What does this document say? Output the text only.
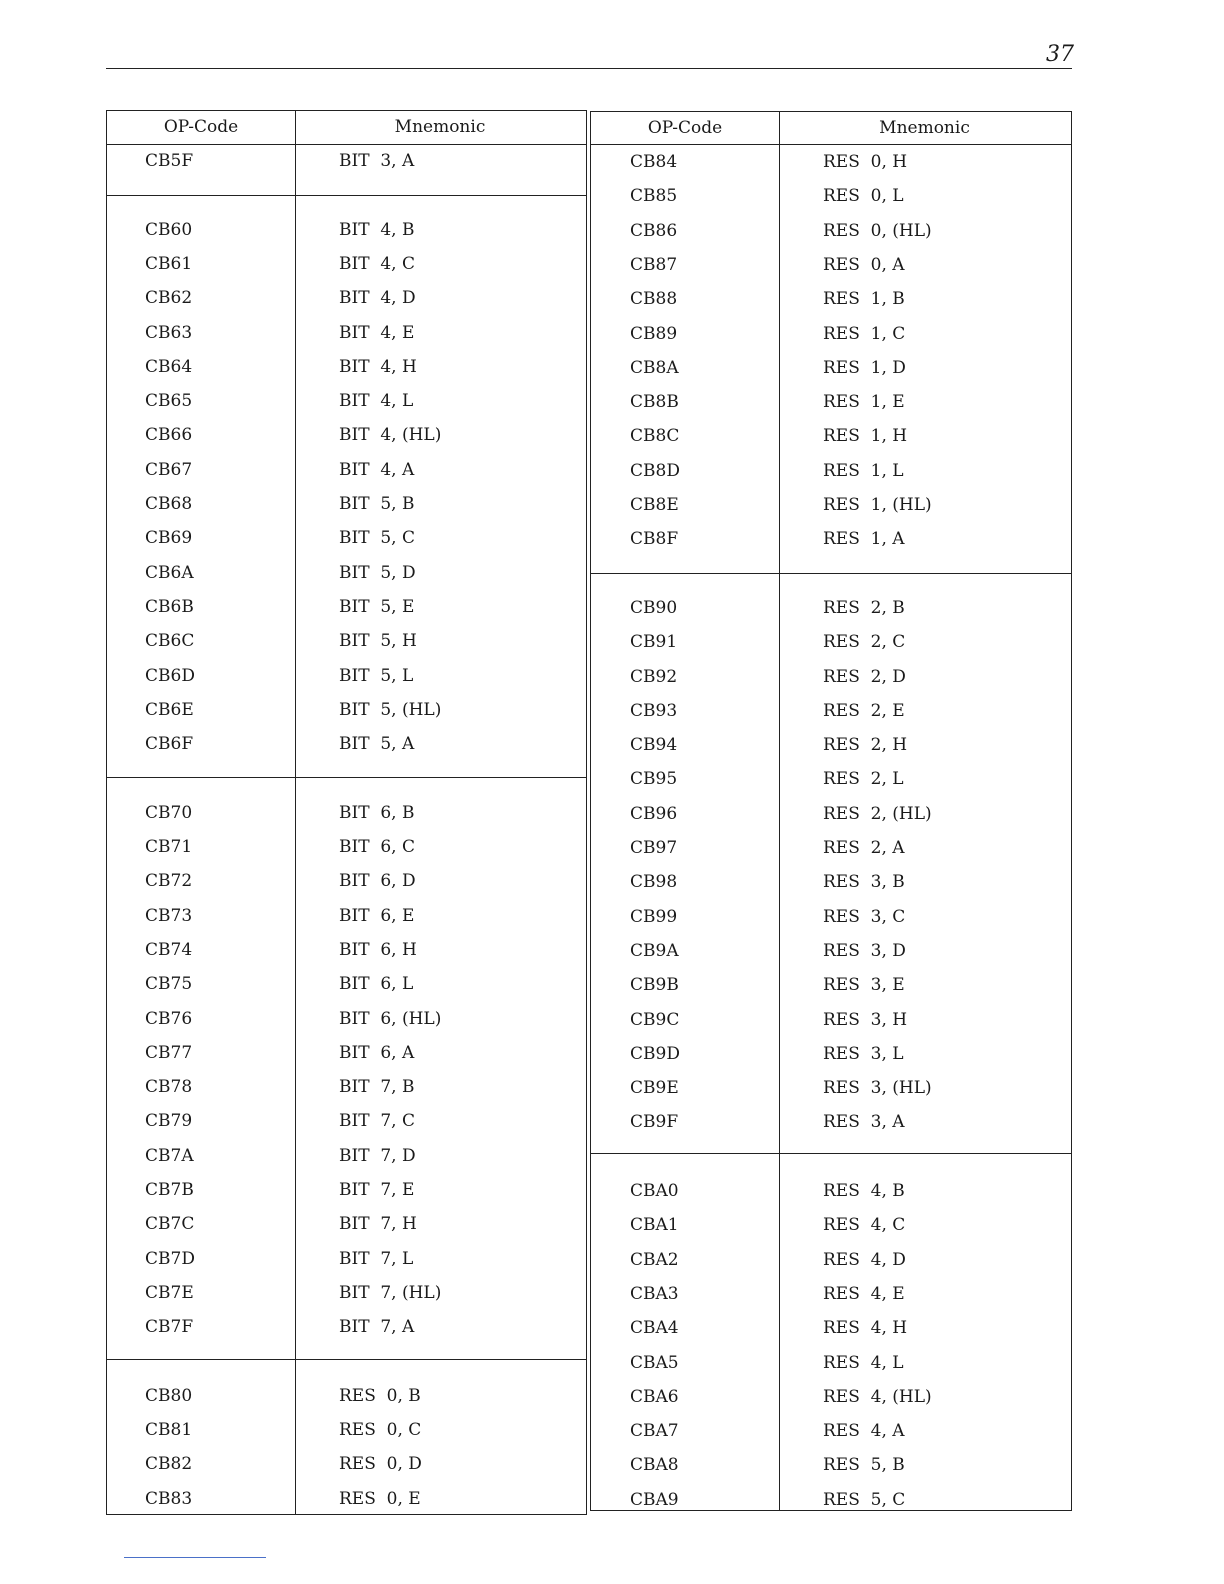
37
OP-Code	Mnemonic
CB5F	BIT  3, A
CB60	BIT  4, B
CB61	BIT  4, C
CB62	BIT  4, D
CB63	BIT  4, E
CB64	BIT  4, H
CB65	BIT  4, L
CB66	BIT  4, (HL)
CB67	BIT  4, A
CB68	BIT  5, B
CB69	BIT  5, C
CB6A	BIT  5, D
CB6B	BIT  5, E
CB6C	BIT  5, H
CB6D	BIT  5, L
CB6E	BIT  5, (HL)
CB6F	BIT  5, A
CB70	BIT  6, B
CB71	BIT  6, C
CB72	BIT  6, D
CB73	BIT  6, E
CB74	BIT  6, H
CB75	BIT  6, L
CB76	BIT  6, (HL)
CB77	BIT  6, A
CB78	BIT  7, B
CB79	BIT  7, C
CB7A	BIT  7, D
CB7B	BIT  7, E
CB7C	BIT  7, H
CB7D	BIT  7, L
CB7E	BIT  7, (HL)
CB7F	BIT  7, A
CB80	RES  0, B
CB81	RES  0, C
CB82	RES  0, D
CB83	RES  0, E
OP-Code	Mnemonic
CB84	RES  0, H
CB85	RES  0, L
CB86	RES  0, (HL)
CB87	RES  0, A
CB88	RES  1, B
CB89	RES  1, C
CB8A	RES  1, D
CB8B	RES  1, E
CB8C	RES  1, H
CB8D	RES  1, L
CB8E	RES  1, (HL)
CB8F	RES  1, A
CB90	RES  2, B
CB91	RES  2, C
CB92	RES  2, D
CB93	RES  2, E
CB94	RES  2, H
CB95	RES  2, L
CB96	RES  2, (HL)
CB97	RES  2, A
CB98	RES  3, B
CB99	RES  3, C
CB9A	RES  3, D
CB9B	RES  3, E
CB9C	RES  3, H
CB9D	RES  3, L
CB9E	RES  3, (HL)
CB9F	RES  3, A
CBA0	RES  4, B
CBA1	RES  4, C
CBA2	RES  4, D
CBA3	RES  4, E
CBA4	RES  4, H
CBA5	RES  4, L
CBA6	RES  4, (HL)
CBA7	RES  4, A
CBA8	RES  5, B
CBA9	RES  5, C
